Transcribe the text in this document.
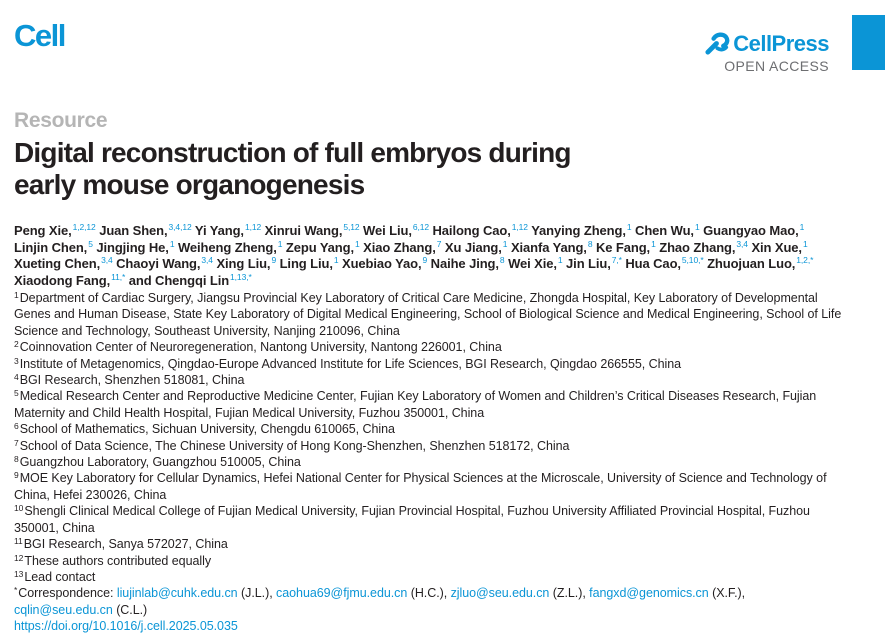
Cell	CellPress
OPEN ACCESS
Resource
Digital reconstruction of full embryos during
early mouse organogenesis
Peng Xie,$^{1,2,12}$ Juan Shen,$^{3,4,12}$ Yi Yang,$^{1,12}$ Xinrui Wang,$^{5,12}$ Wei Liu,$^{6,12}$ Hailong Cao,$^{1,12}$ Yanying Zheng,$^1$ Chen Wu,$^1$ Guangyao Mao,$^1$ Linjin Chen,$^5$ Jingjing He,$^1$ Weiheng Zheng,$^1$ Zepu Yang,$^1$ Xiao Zhang,$^7$ Xu Jiang,$^1$ Xianfa Yang,$^8$ Ke Fang,$^1$ Zhao Zhang,$^{3,4}$ Xin Xue,$^1$ Xueting Chen,$^{3,4}$ Chaoyi Wang,$^{3,4}$ Xing Liu,$^9$ Ling Liu,$^1$ Xuebiao Yao,$^9$ Naihe Jing,$^8$ Wei Xie,$^1$ Jin Liu,$^{7,*}$ Hua Cao,$^{5,10,*}$ Zhuojuan Luo,$^{1,2,*}$ Xiaodong Fang,$^{11,*}$ and Chengqi Lin$^{1,13,*}$
$^1$Department of Cardiac Surgery, Jiangsu Provincial Key Laboratory of Critical Care Medicine, Zhongda Hospital, Key Laboratory of Developmental Genes and Human Disease, State Key Laboratory of Digital Medical Engineering, School of Biological Science and Medical Engineering, School of Life Science and Technology, Southeast University, Nanjing 210096, China
$^2$Coinnovation Center of Neuroregeneration, Nantong University, Nantong 226001, China
$^3$Institute of Metagenomics, Qingdao-Europe Advanced Institute for Life Sciences, BGI Research, Qingdao 266555, China
$^4$BGI Research, Shenzhen 518081, China
$^5$Medical Research Center and Reproductive Medicine Center, Fujian Key Laboratory of Women and Children’s Critical Diseases Research, Fujian Maternity and Child Health Hospital, Fujian Medical University, Fuzhou 350001, China
$^6$School of Mathematics, Sichuan University, Chengdu 610065, China
$^7$School of Data Science, The Chinese University of Hong Kong-Shenzhen, Shenzhen 518172, China
$^8$Guangzhou Laboratory, Guangzhou 510005, China
$^9$MOE Key Laboratory for Cellular Dynamics, Hefei National Center for Physical Sciences at the Microscale, University of Science and Technology of China, Hefei 230026, China
$^{10}$Shengli Clinical Medical College of Fujian Medical University, Fujian Provincial Hospital, Fuzhou University Affiliated Provincial Hospital, Fuzhou 350001, China
$^{11}$BGI Research, Sanya 572027, China
$^{12}$These authors contributed equally
$^{13}$Lead contact
*Correspondence: liujinlab@cuhk.edu.cn (J.L.), caohua69@fjmu.edu.cn (H.C.), zjluo@seu.edu.cn (Z.L.), fangxd@genomics.cn (X.F.), cqlin@seu.edu.cn (C.L.)
https://doi.org/10.1016/j.cell.2025.05.035
